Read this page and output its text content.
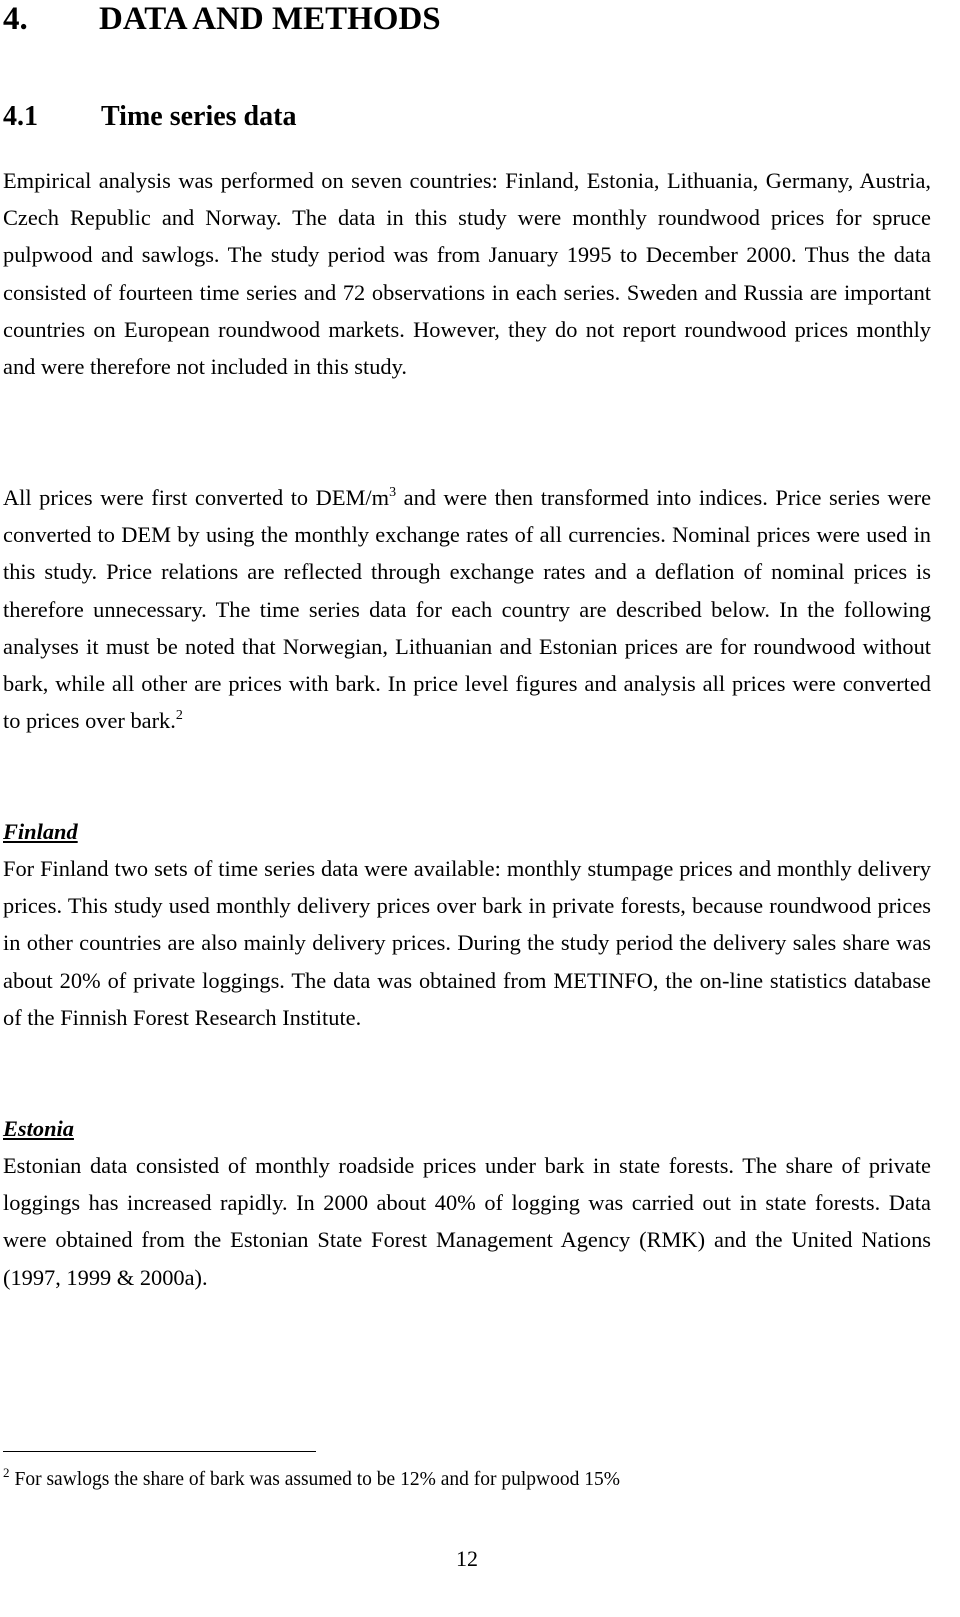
4. DATA AND METHODS
4.1 Time series data

Empirical analysis was performed on seven countries: Finland, Estonia, Lithuania, Germany, Austria, Czech Republic and Norway. The data in this study were monthly roundwood prices for spruce pulpwood and sawlogs. The study period was from January 1995 to December 2000. Thus the data consisted of fourteen time series and 72 observations in each series. Sweden and Russia are important countries on European roundwood markets. However, they do not report roundwood prices monthly and were therefore not included in this study.

All prices were first converted to DEM/$m^3$ and were then transformed into indices. Price series were converted to DEM by using the monthly exchange rates of all currencies. Nominal prices were used in this study. Price relations are reflected through exchange rates and a deflation of nominal prices is therefore unnecessary. The time series data for each country are described below. In the following analyses it must be noted that Norwegian, Lithuanian and Estonian prices are for roundwood without bark, while all other are prices with bark. In price level figures and analysis all prices were converted to prices over bark.$^2$

Finland

For Finland two sets of time series data were available: monthly stumpage prices and monthly delivery prices. This study used monthly delivery prices over bark in private forests, because roundwood prices in other countries are also mainly delivery prices. During the study period the delivery sales share was about 20% of private loggings. The data was obtained from METINFO, the on-line statistics database of the Finnish Forest Research Institute.

Estonia

Estonian data consisted of monthly roadside prices under bark in state forests. The share of private loggings has increased rapidly. In 2000 about 40% of logging was carried out in state forests. Data were obtained from the Estonian State Forest Management Agency (RMK) and the United Nations (1997, 1999 & 2000a).

$^2$ For sawlogs the share of bark was assumed to be 12% and for pulpwood 15%
12
